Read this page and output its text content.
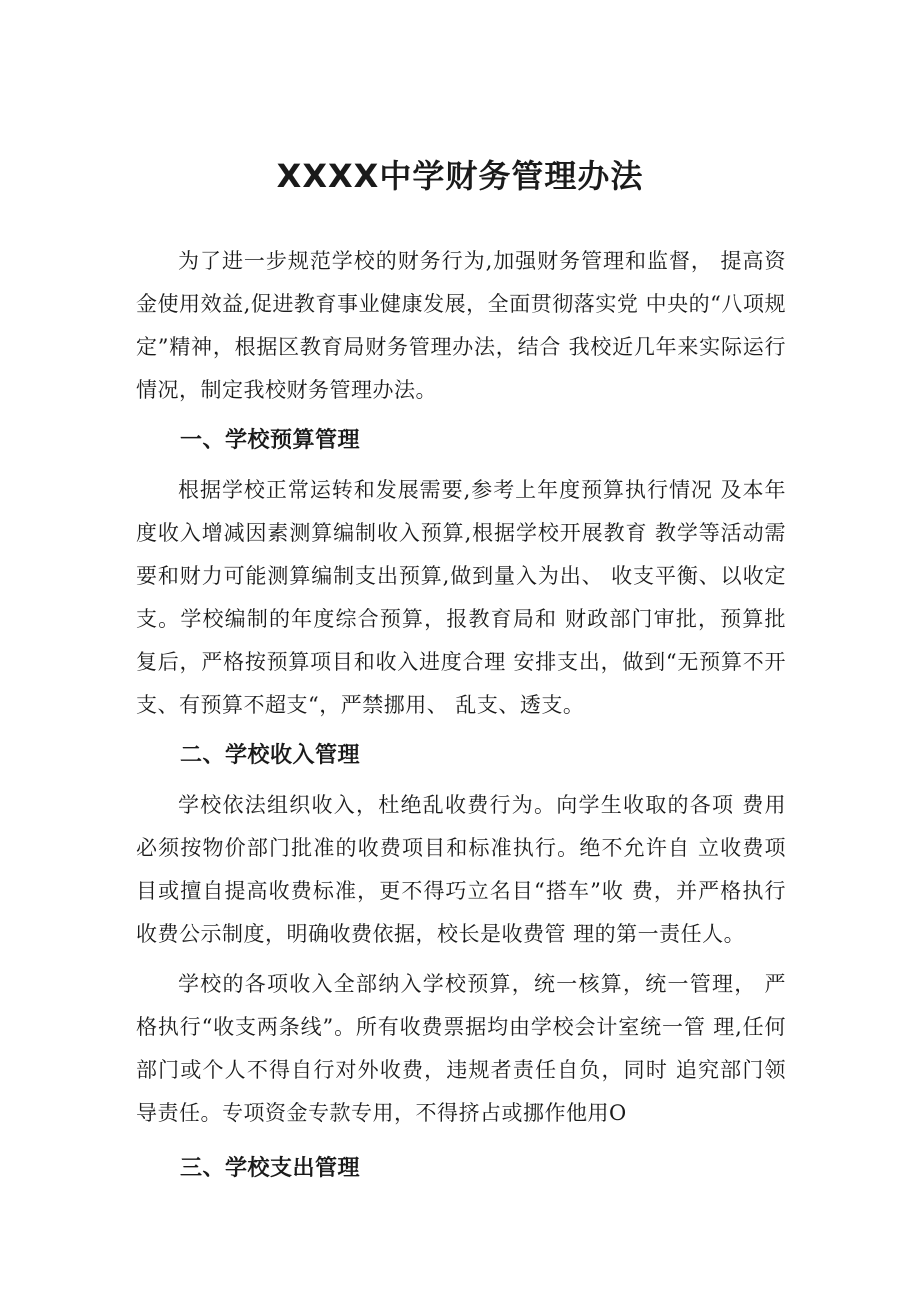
XXXX中学财务管理办法

为了进一步规范学校的财务行为,加强财务管理和监督， 提高资金使用效益,促进教育事业健康发展，全面贯彻落实党 中央的“八项规定”精神，根据区教育局财务管理办法，结合 我校近几年来实际运行情况，制定我校财务管理办法。

一、学校预算管理

根据学校正常运转和发展需要,参考上年度预算执行情况 及本年度收入增减因素测算编制收入预算,根据学校开展教育 教学等活动需要和财力可能测算编制支出预算,做到量入为出、 收支平衡、以收定支。学校编制的年度综合预算，报教育局和 财政部门审批，预算批复后，严格按预算项目和收入进度合理 安排支出，做到“无预算不开支、有预算不超支“，严禁挪用、 乱支、透支。

二、学校收入管理

学校依法组织收入，杜绝乱收费行为。向学生收取的各项 费用必须按物价部门批准的收费项目和标准执行。绝不允许自 立收费项目或擅自提高收费标准，更不得巧立名目“搭车”收 费，并严格执行收费公示制度，明确收费依据，校长是收费管 理的第一责任人。

学校的各项收入全部纳入学校预算，统一核算，统一管理， 严格执行“收支两条线”。所有收费票据均由学校会计室统一管 理,任何部门或个人不得自行对外收费，违规者责任自负，同时 追究部门领导责任。专项资金专款专用，不得挤占或挪作他用O

三、学校支出管理
